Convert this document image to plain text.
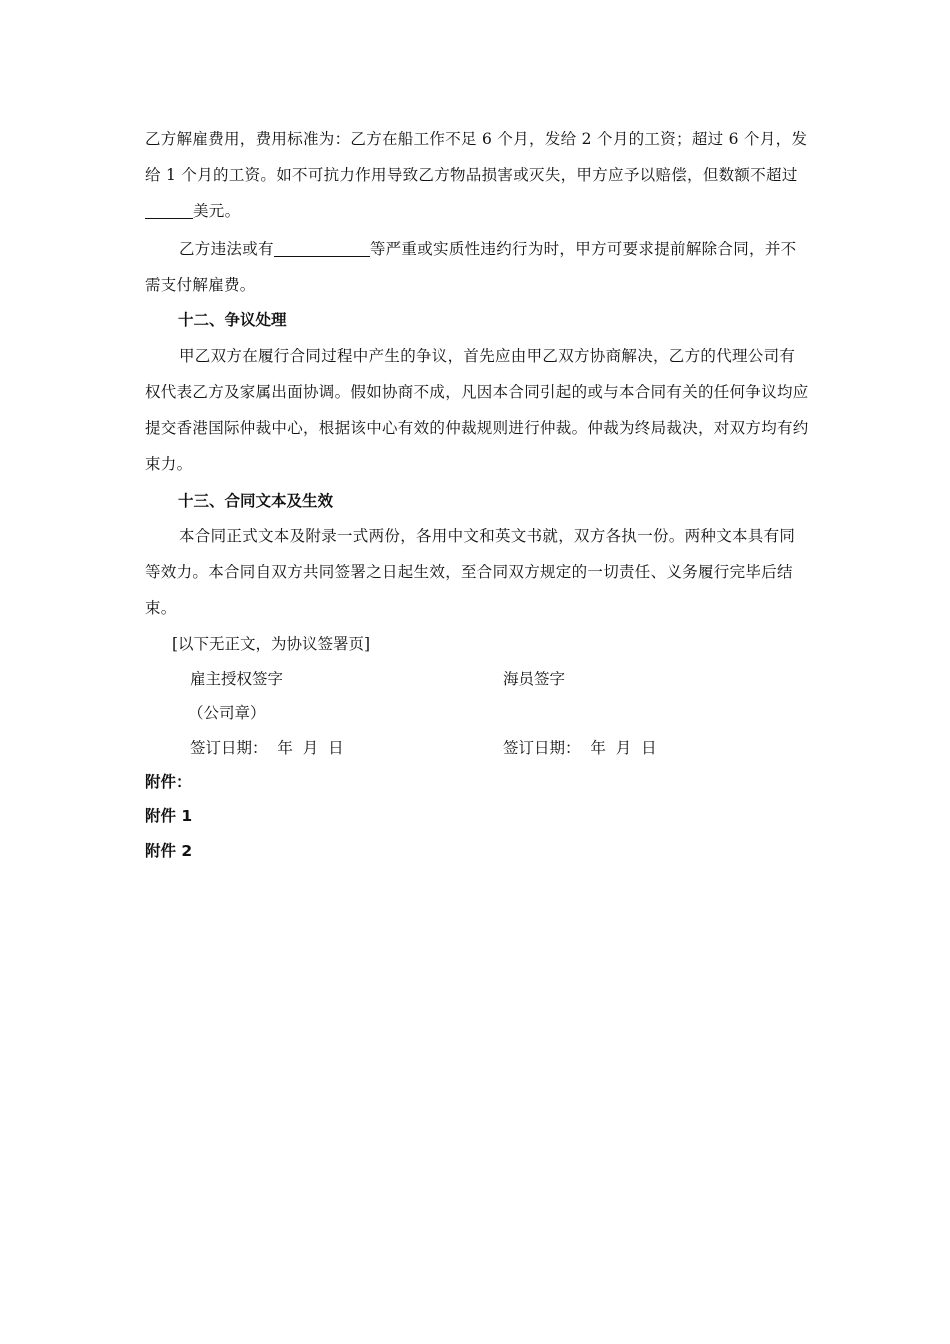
乙方解雇费用，费用标准为：乙方在船工作不足 6 个月，发给 2 个月的工资；超过 6 个月，发给 1 个月的工资。如不可抗力作用导致乙方物品损害或灭失，甲方应予以赔偿，但数额不超过美元。

乙方违法或有	等严重或实质性违约行为时，甲方可要求提前解除合同，并不需支付解雇费。

十二、争议处理

甲乙双方在履行合同过程中产生的争议，首先应由甲乙双方协商解决，乙方的代理公司有权代表乙方及家属出面协调。假如协商不成，凡因本合同引起的或与本合同有关的任何争议均应提交香港国际仲裁中心，根据该中心有效的仲裁规则进行仲裁。仲裁为终局裁决，对双方均有约束力。

十三、合同文本及生效

本合同正式文本及附录一式两份，各用中文和英文书就，双方各执一份。两种文本具有同等效力。本合同自双方共同签署之日起生效，至合同双方规定的一切责任、义务履行完毕后结束。

[以下无正文，为协议签署页]

雇主授权签字	海员签字

（公司章）

签订日期：  年  月  日	签订日期：  年  月  日

附件：

附件 1

附件 2
